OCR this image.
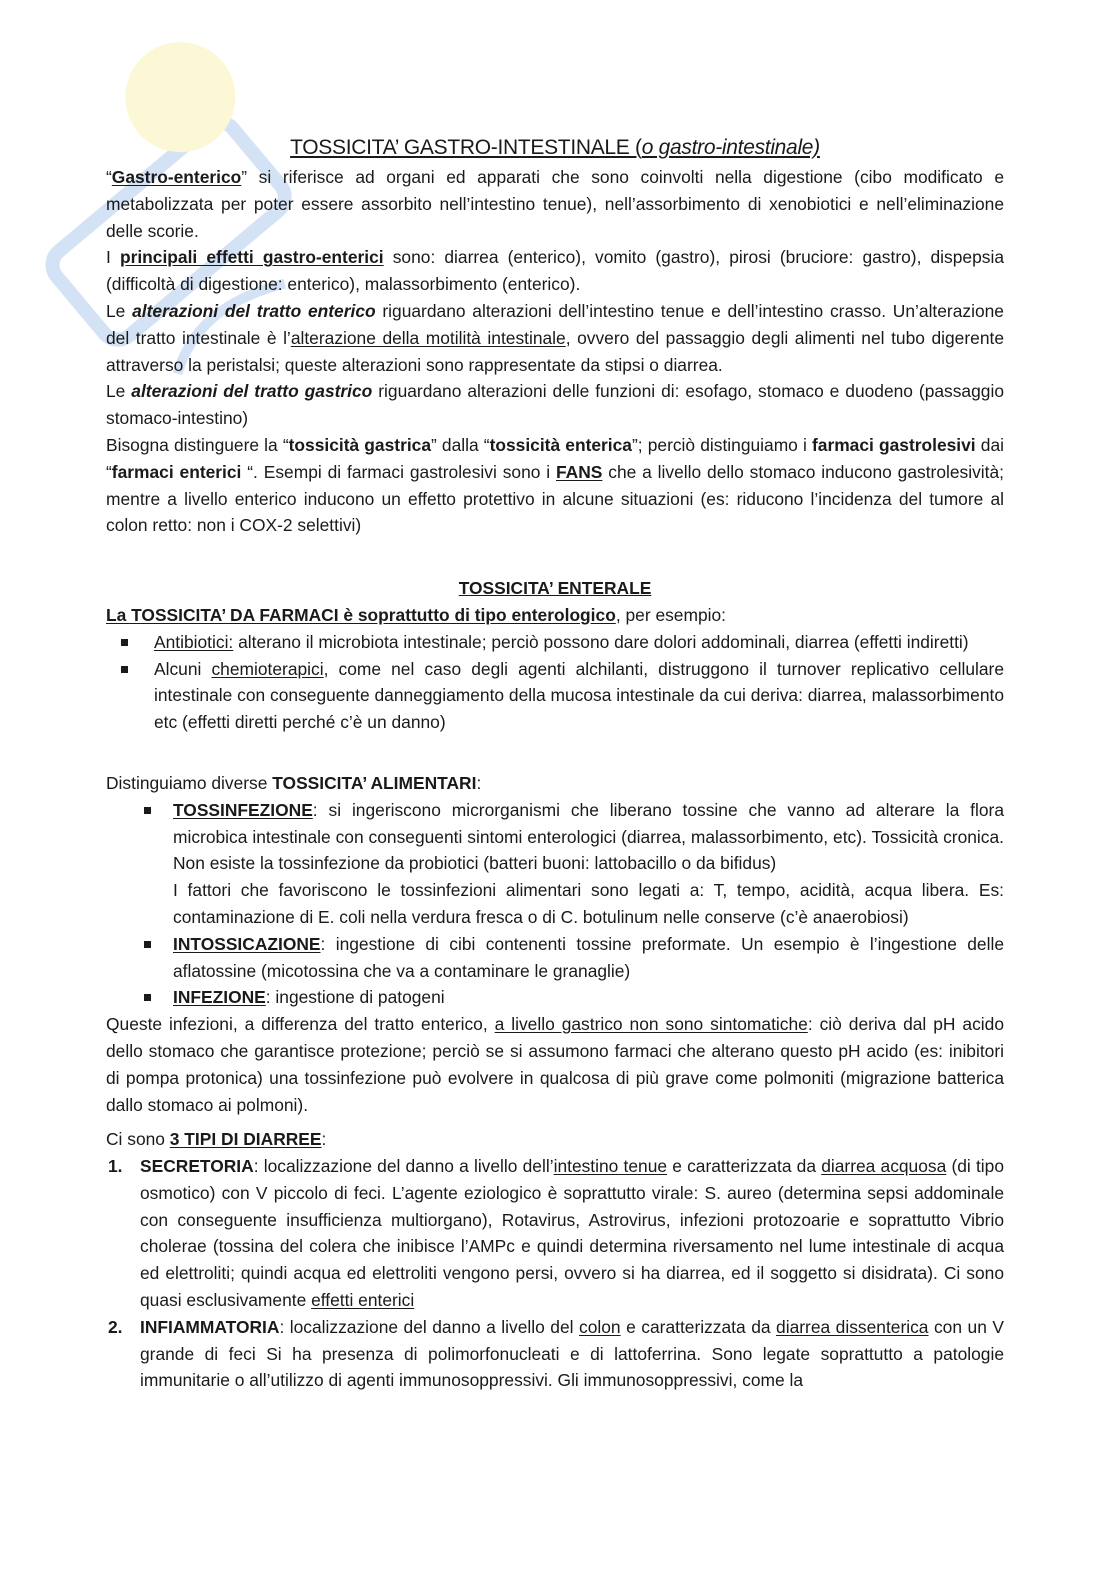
TOSSICITA’ GASTRO-INTESTINALE (o gastro-intestinale)

“Gastro-enterico” si riferisce ad organi ed apparati che sono coinvolti nella digestione (cibo modificato e metabolizzata per poter essere assorbito nell’intestino tenue), nell’assorbimento di xenobiotici e nell’eliminazione delle scorie.

I principali effetti gastro-enterici sono: diarrea (enterico), vomito (gastro), pirosi (bruciore: gastro), dispepsia (difficoltà di digestione: enterico), malassorbimento (enterico).

Le alterazioni del tratto enterico riguardano alterazioni dell’intestino tenue e dell’intestino crasso. Un’alterazione del tratto intestinale è l’alterazione della motilità intestinale, ovvero del passaggio degli alimenti nel tubo digerente attraverso la peristalsi; queste alterazioni sono rappresentate da stipsi o diarrea.

Le alterazioni del tratto gastrico riguardano alterazioni delle funzioni di: esofago, stomaco e duodeno (passaggio stomaco-intestino)

Bisogna distinguere la “tossicità gastrica” dalla “tossicità enterica”; perciò distinguiamo i farmaci gastrolesivi dai “farmaci enterici “. Esempi di farmaci gastrolesivi sono i FANS che a livello dello stomaco inducono gastrolesività; mentre a livello enterico inducono un effetto protettivo in alcune situazioni (es: riducono l’incidenza del tumore al colon retto: non i COX-2 selettivi)

TOSSICITA’ ENTERALE

La TOSSICITA’ DA FARMACI è soprattutto di tipo enterologico, per esempio:

Antibiotici: alterano il microbiota intestinale; perciò possono dare dolori addominali, diarrea (effetti indiretti)
Alcuni chemioterapici, come nel caso degli agenti alchilanti, distruggono il turnover replicativo cellulare intestinale con conseguente danneggiamento della mucosa intestinale da cui deriva: diarrea, malassorbimento etc (effetti diretti perché c’è un danno)

Distinguiamo diverse TOSSICITA’ ALIMENTARI:

TOSSINFEZIONE: si ingeriscono microrganismi che liberano tossine che vanno ad alterare la flora microbica intestinale con conseguenti sintomi enterologici (diarrea, malassorbimento, etc). Tossicità cronica. Non esiste la tossinfezione da probiotici (batteri buoni: lattobacillo o da bifidus)
I fattori che favoriscono le tossinfezioni alimentari sono legati a: T, tempo, acidità, acqua libera. Es: contaminazione di E. coli nella verdura fresca o di C. botulinum nelle conserve (c’è anaerobiosi)
INTOSSICAZIONE: ingestione di cibi contenenti tossine preformate. Un esempio è l’ingestione delle aflatossine (micotossina che va a contaminare le granaglie)
INFEZIONE: ingestione di patogeni

Queste infezioni, a differenza del tratto enterico, a livello gastrico non sono sintomatiche: ciò deriva dal pH acido dello stomaco che garantisce protezione; perciò se si assumono farmaci che alterano questo pH acido (es: inibitori di pompa protonica) una tossinfezione può evolvere in qualcosa di più grave come polmoniti (migrazione batterica dallo stomaco ai polmoni).

Ci sono 3 TIPI DI DIARREE:

1. SECRETORIA: localizzazione del danno a livello dell’intestino tenue e caratterizzata da diarrea acquosa (di tipo osmotico) con V piccolo di feci. L’agente eziologico è soprattutto virale: S. aureo (determina sepsi addominale con conseguente insufficienza multiorgano), Rotavirus, Astrovirus, infezioni protozoarie e soprattutto Vibrio cholerae (tossina del colera che inibisce l’AMPc e quindi determina riversamento nel lume intestinale di acqua ed elettroliti; quindi acqua ed elettroliti vengono persi, ovvero si ha diarrea, ed il soggetto si disidrata). Ci sono quasi esclusivamente effetti enterici
2. INFIAMMATORIA: localizzazione del danno a livello del colon e caratterizzata da diarrea dissenterica con un V grande di feci Si ha presenza di polimorfonucleati e di lattoferrina. Sono legate soprattutto a patologie immunitarie o all’utilizzo di agenti immunosoppressivi. Gli immunosoppressivi, come la
